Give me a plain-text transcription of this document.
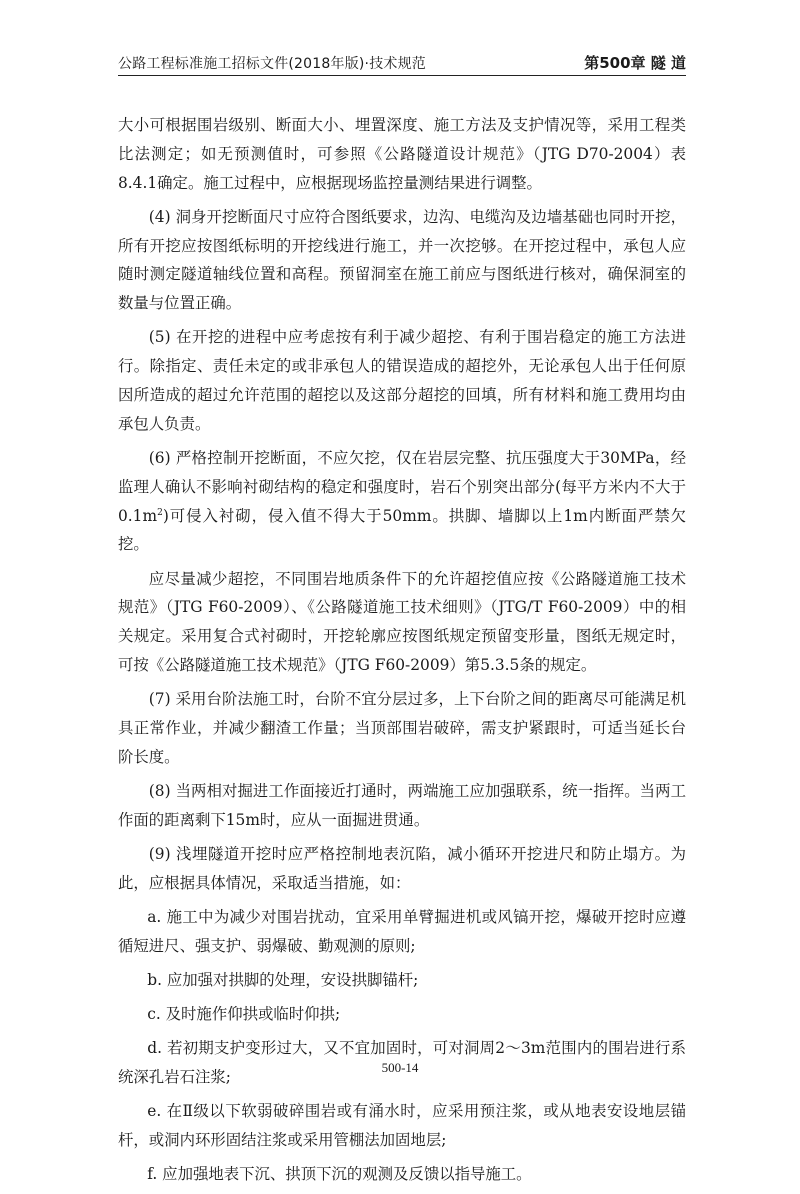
公路工程标准施工招标文件(2018年版)·技术规范	第500章 隧 道

大小可根据围岩级别、断面大小、埋置深度、施工方法及支护情况等，采用工程类比法测定；如无预测值时，可参照《公路隧道设计规范》（JTG D70-2004）表8.4.1确定。施工过程中，应根据现场监控量测结果进行调整。

(4) 洞身开挖断面尺寸应符合图纸要求，边沟、电缆沟及边墙基础也同时开挖，所有开挖应按图纸标明的开挖线进行施工，并一次挖够。在开挖过程中，承包人应随时测定隧道轴线位置和高程。预留洞室在施工前应与图纸进行核对，确保洞室的数量与位置正确。

(5) 在开挖的进程中应考虑按有利于减少超挖、有利于围岩稳定的施工方法进行。除指定、责任未定的或非承包人的错误造成的超挖外，无论承包人出于任何原因所造成的超过允许范围的超挖以及这部分超挖的回填，所有材料和施工费用均由承包人负责。

(6) 严格控制开挖断面，不应欠挖，仅在岩层完整、抗压强度大于30MPa，经监理人确认不影响衬砌结构的稳定和强度时，岩石个别突出部分(每平方米内不大于$0.1m^2$)可侵入衬砌，侵入值不得大于50mm。拱脚、墙脚以上1m内断面严禁欠挖。

应尽量减少超挖，不同围岩地质条件下的允许超挖值应按《公路隧道施工技术规范》（JTG F60-2009）、《公路隧道施工技术细则》（JTG/T F60-2009）中的相关规定。采用复合式衬砌时，开挖轮廓应按图纸规定预留变形量，图纸无规定时，可按《公路隧道施工技术规范》（JTG F60-2009）第5.3.5条的规定。

(7) 采用台阶法施工时，台阶不宜分层过多，上下台阶之间的距离尽可能满足机具正常作业，并减少翻渣工作量；当顶部围岩破碎，需支护紧跟时，可适当延长台阶长度。

(8) 当两相对掘进工作面接近打通时，两端施工应加强联系，统一指挥。当两工作面的距离剩下15m时，应从一面掘进贯通。

(9) 浅埋隧道开挖时应严格控制地表沉陷，减小循环开挖进尺和防止塌方。为此，应根据具体情况，采取适当措施，如：

a. 施工中为减少对围岩扰动，宜采用单臂掘进机或风镐开挖，爆破开挖时应遵循短进尺、强支护、弱爆破、勤观测的原则;

b. 应加强对拱脚的处理，安设拱脚锚杆;

c. 及时施作仰拱或临时仰拱;

d. 若初期支护变形过大，又不宜加固时，可对洞周2～3m范围内的围岩进行系统深孔岩石注浆;

e. 在Ⅱ级以下软弱破碎围岩或有涌水时，应采用预注浆，或从地表安设地层锚杆，或洞内环形固结注浆或采用管棚法加固地层;

f. 应加强地表下沉、拱顶下沉的观测及反馈以指导施工。

500-14
